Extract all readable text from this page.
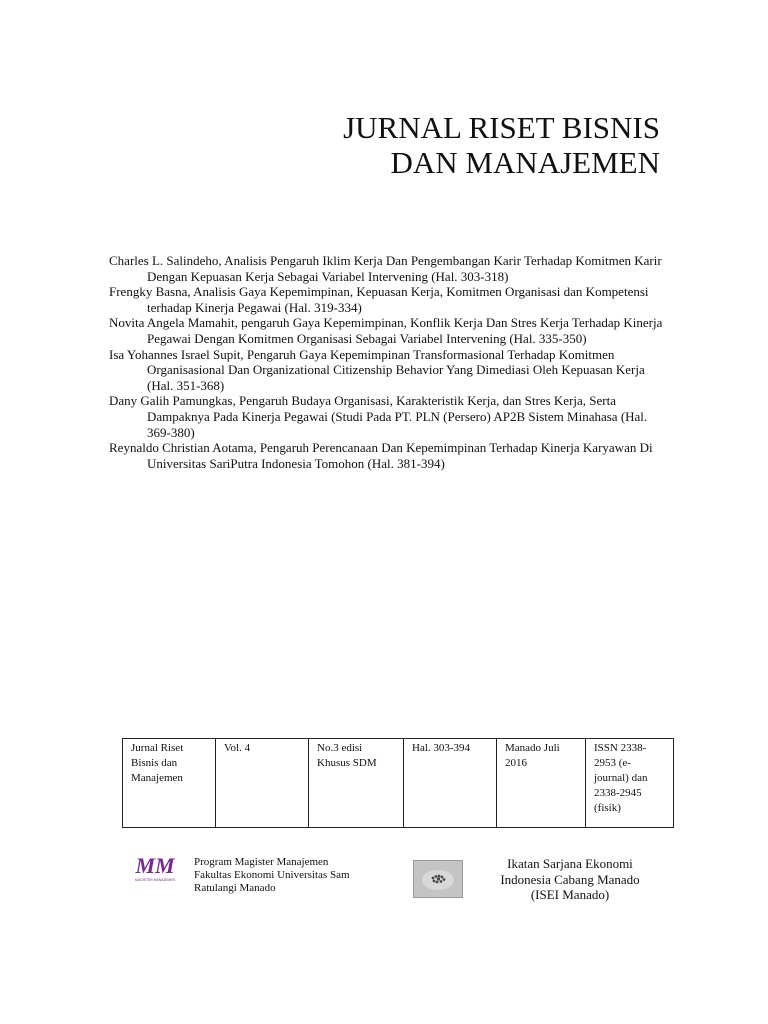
JURNAL RISET BISNIS
DAN MANAJEMEN

Charles L. Salindeho, Analisis Pengaruh Iklim Kerja Dan Pengembangan Karir Terhadap Komitmen Karir Dengan Kepuasan Kerja Sebagai Variabel Intervening (Hal. 303-318)

Frengky Basna, Analisis Gaya Kepemimpinan, Kepuasan Kerja, Komitmen Organisasi dan Kompetensi terhadap Kinerja Pegawai (Hal. 319-334)

Novita Angela Mamahit, pengaruh Gaya Kepemimpinan, Konflik Kerja Dan Stres Kerja Terhadap Kinerja Pegawai Dengan Komitmen Organisasi Sebagai Variabel Intervening (Hal. 335-350)

Isa Yohannes Israel Supit, Pengaruh Gaya Kepemimpinan Transformasional Terhadap Komitmen Organisasional Dan Organizational Citizenship Behavior Yang Dimediasi Oleh Kepuasan Kerja (Hal. 351-368)

Dany Galih Pamungkas, Pengaruh Budaya Organisasi, Karakteristik Kerja, dan Stres Kerja, Serta Dampaknya Pada Kinerja Pegawai (Studi Pada PT. PLN (Persero) AP2B Sistem Minahasa (Hal. 369-380)

Reynaldo Christian Aotama, Pengaruh Perencanaan Dan Kepemimpinan Terhadap Kinerja Karyawan Di Universitas SariPutra Indonesia Tomohon (Hal. 381-394)

Jurnal Riset Bisnis dan Manajemen	Vol. 4	No.3 edisi Khusus SDM	Hal. 303-394	Manado Juli 2016	ISSN 2338-2953 (e-journal) dan 2338-2945 (fisik)
MM
MAGISTER MANAJEMEN
Program Magister Manajemen
Fakultas Ekonomi Universitas Sam
Ratulangi Manado
Ikatan Sarjana Ekonomi
Indonesia Cabang Manado
(ISEI Manado)
